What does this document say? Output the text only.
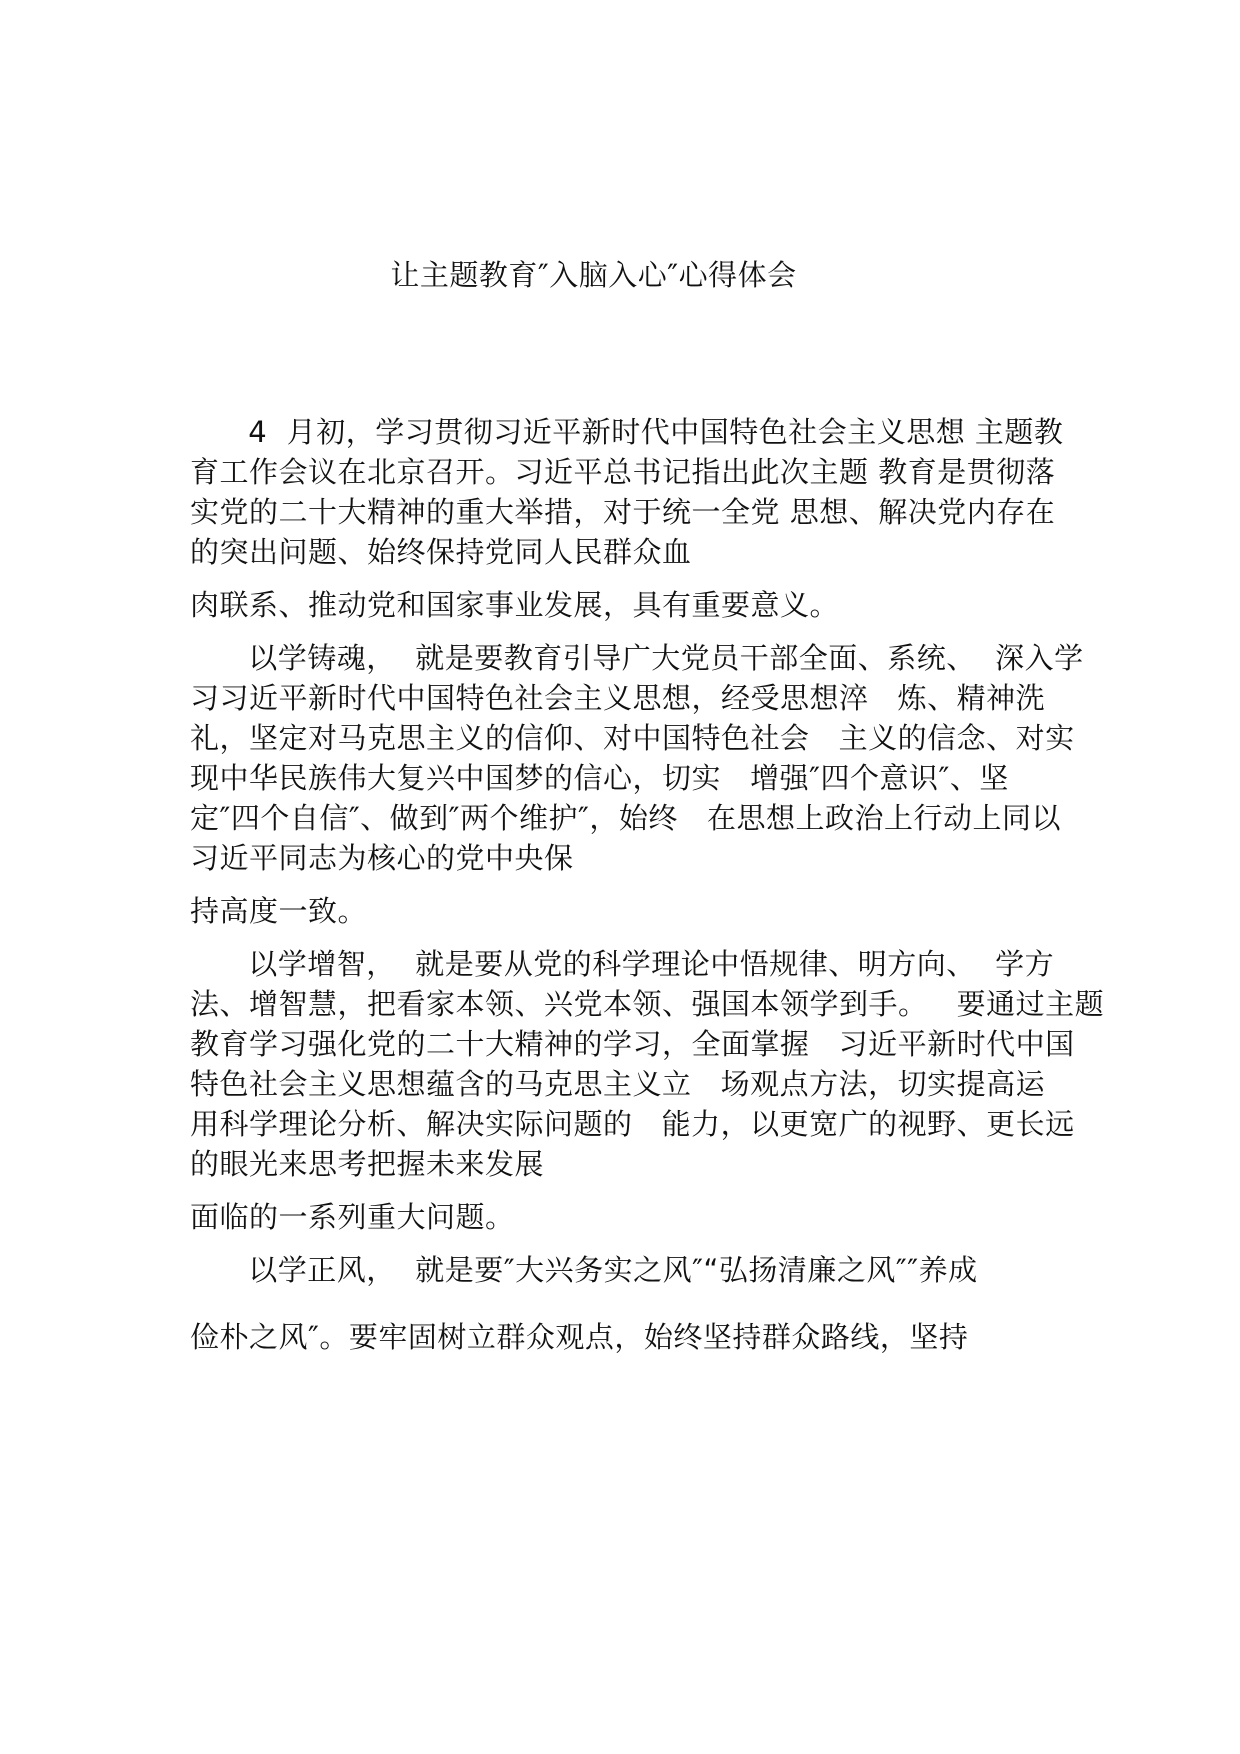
让主题教育″入脑入心″心得体会
4  月初，学习贯彻习近平新时代中国特色社会主义思想 主题教
育工作会议在北京召开。习近平总书记指出此次主题 教育是贯彻落
实党的二十大精神的重大举措，对于统一全党 思想、解决党内存在
的突出问题、始终保持党同人民群众血
肉联系、推动党和国家事业发展，具有重要意义。
以学铸魂，  就是要教育引导广大党员干部全面、系统、  深入学
习习近平新时代中国特色社会主义思想，经受思想淬   炼、精神洗
礼，坚定对马克思主义的信仰、对中国特色社会   主义的信念、对实
现中华民族伟大复兴中国梦的信心，切实   增强″四个意识″、坚
定″四个自信″、做到″两个维护″，始终   在思想上政治上行动上同以
习近平同志为核心的党中央保
持高度一致。
以学增智，  就是要从党的科学理论中悟规律、明方向、  学方
法、增智慧，把看家本领、兴党本领、强国本领学到手。   要通过主题
教育学习强化党的二十大精神的学习，全面掌握   习近平新时代中国
特色社会主义思想蕴含的马克思主义立   场观点方法，切实提高运
用科学理论分析、解决实际问题的   能力，以更宽广的视野、更长远
的眼光来思考把握未来发展
面临的一系列重大问题。
以学正风，  就是要″大兴务实之风″“弘扬清廉之风″″养成
俭朴之风″。要牢固树立群众观点，始终坚持群众路线，坚持
